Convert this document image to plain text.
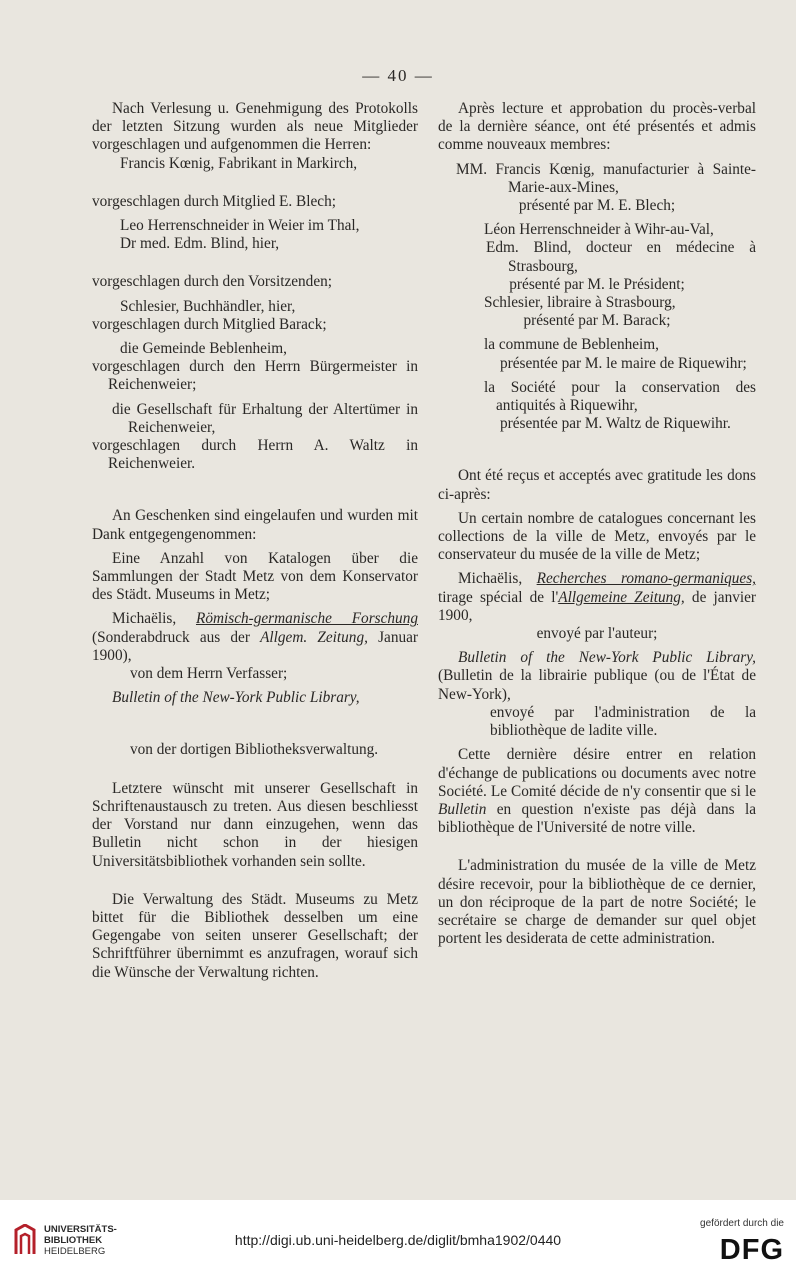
— 40 —

Nach Verlesung u. Genehmigung des Protokolls der letzten Sitzung wurden als neue Mitglieder vorgeschlagen und aufgenommen die Herren:

Francis Kœnig, Fabrikant in Markirch,

vorgeschlagen durch Mitglied E. Blech;

Leo Herrenschneider in Weier im Thal,

Dr med. Edm. Blind, hier,

vorgeschlagen durch den Vorsitzenden;

Schlesier, Buchhändler, hier,

vorgeschlagen durch Mitglied Barack;

die Gemeinde Beblenheim,

vorgeschlagen durch den Herrn Bürgermeister in Reichenweier;

die Gesellschaft für Erhaltung der Altertümer in Reichenweier,

vorgeschlagen durch Herrn A. Waltz in Reichenweier.

An Geschenken sind eingelaufen und wurden mit Dank entgegengenommen:

Eine Anzahl von Katalogen über die Sammlungen der Stadt Metz von dem Konservator des Städt. Museums in Metz;

Michaëlis, Römisch-germanische Forschung (Sonderabdruck aus der Allgem. Zeitung, Januar 1900),

von dem Herrn Verfasser;

Bulletin of the New-York Public Library,

von der dortigen Bibliotheksverwaltung.

Letztere wünscht mit unserer Gesellschaft in Schriftenaustausch zu treten. Aus diesen beschliesst der Vorstand nur dann einzugehen, wenn das Bulletin nicht schon in der hiesigen Universitätsbibliothek vorhanden sein sollte.

Die Verwaltung des Städt. Museums zu Metz bittet für die Bibliothek desselben um eine Gegengabe von seiten unserer Gesellschaft; der Schriftführer übernimmt es anzufragen, worauf sich die Wünsche der Verwaltung richten.

Après lecture et approbation du procès-verbal de la dernière séance, ont été présentés et admis comme nouveaux membres:

MM. Francis Kœnig, manufacturier à Sainte-Marie-aux-Mines,

présenté par M. E. Blech;

Léon Herrenschneider à Wihr-au-Val,

Edm. Blind, docteur en médecine à Strasbourg,

présenté par M. le Président;

Schlesier, libraire à Strasbourg,

présenté par M. Barack;

la commune de Beblenheim,

présentée par M. le maire de Riquewihr;

la Société pour la conservation des antiquités à Riquewihr,

présentée par M. Waltz de Riquewihr.

Ont été reçus et acceptés avec gratitude les dons ci-après:

Un certain nombre de catalogues concernant les collections de la ville de Metz, envoyés par le conservateur du musée de la ville de Metz;

Michaëlis, Recherches romano-germaniques, tirage spécial de l'Allgemeine Zeitung, de janvier 1900,

envoyé par l'auteur;

Bulletin of the New-York Public Library, (Bulletin de la librairie publique (ou de l'État de New-York),

envoyé par l'administration de la bibliothèque de ladite ville.

Cette dernière désire entrer en relation d'échange de publications ou documents avec notre Société. Le Comité décide de n'y consentir que si le Bulletin en question n'existe pas déjà dans la bibliothèque de l'Université de notre ville.

L'administration du musée de la ville de Metz désire recevoir, pour la bibliothèque de ce dernier, un don réciproque de la part de notre Société; le secrétaire se charge de demander sur quel objet portent les desiderata de cette administration.

UNIVERSITÄTS-
BIBLIOTHEK
HEIDELBERG
http://digi.ub.uni-heidelberg.de/diglit/bmha1902/0440
gefördert durch die
DFG
